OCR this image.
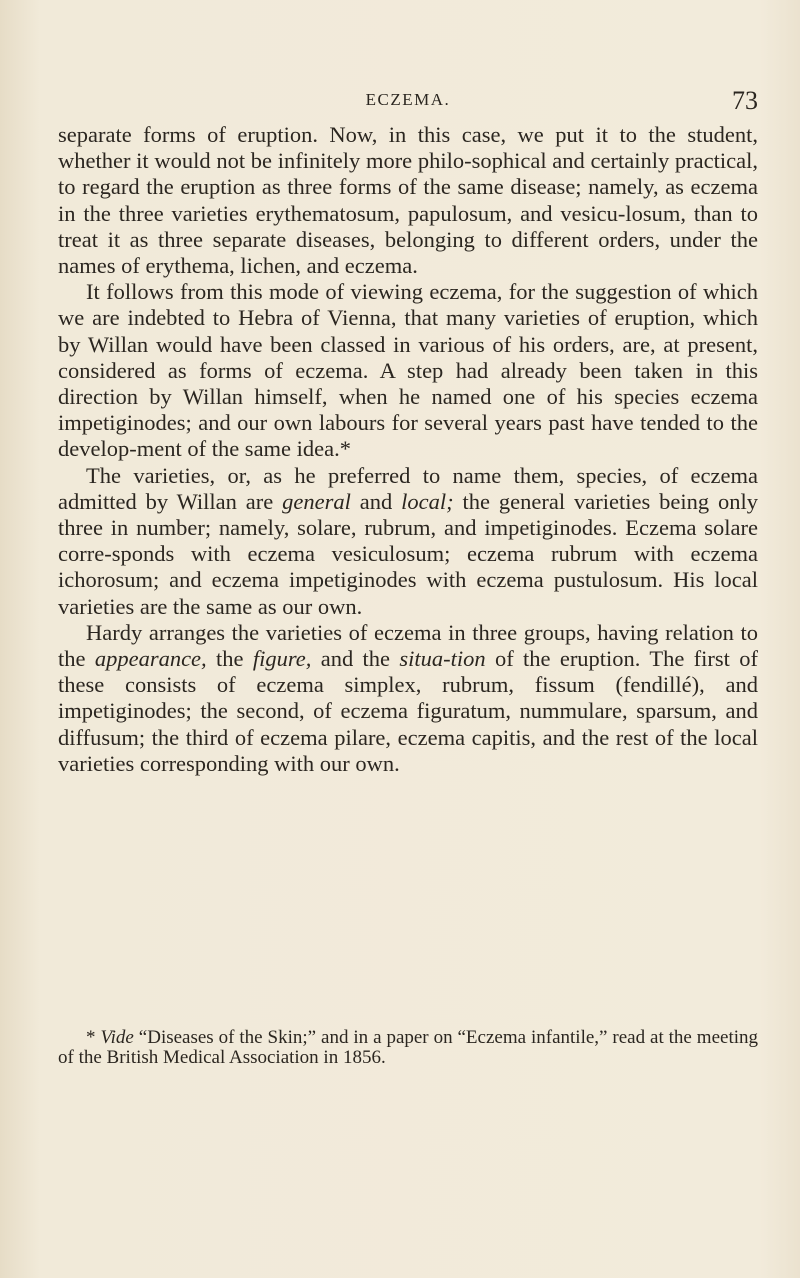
ECZEMA.	73

separate forms of eruption. Now, in this case, we put it to the student, whether it would not be infinitely more philo-sophical and certainly practical, to regard the eruption as three forms of the same disease; namely, as eczema in the three varieties erythematosum, papulosum, and vesicu-losum, than to treat it as three separate diseases, belonging to different orders, under the names of erythema, lichen, and eczema.

It follows from this mode of viewing eczema, for the suggestion of which we are indebted to Hebra of Vienna, that many varieties of eruption, which by Willan would have been classed in various of his orders, are, at present, considered as forms of eczema. A step had already been taken in this direction by Willan himself, when he named one of his species eczema impetiginodes; and our own labours for several years past have tended to the develop-ment of the same idea.*

The varieties, or, as he preferred to name them, species, of eczema admitted by Willan are general and local; the general varieties being only three in number; namely, solare, rubrum, and impetiginodes. Eczema solare corre-sponds with eczema vesiculosum; eczema rubrum with eczema ichorosum; and eczema impetiginodes with eczema pustulosum. His local varieties are the same as our own.

Hardy arranges the varieties of eczema in three groups, having relation to the appearance, the figure, and the situa-tion of the eruption. The first of these consists of eczema simplex, rubrum, fissum (fendillé), and impetiginodes; the second, of eczema figuratum, nummulare, sparsum, and diffusum; the third of eczema pilare, eczema capitis, and the rest of the local varieties corresponding with our own.

* Vide “Diseases of the Skin;” and in a paper on “Eczema infantile,” read at the meeting of the British Medical Association in 1856.
